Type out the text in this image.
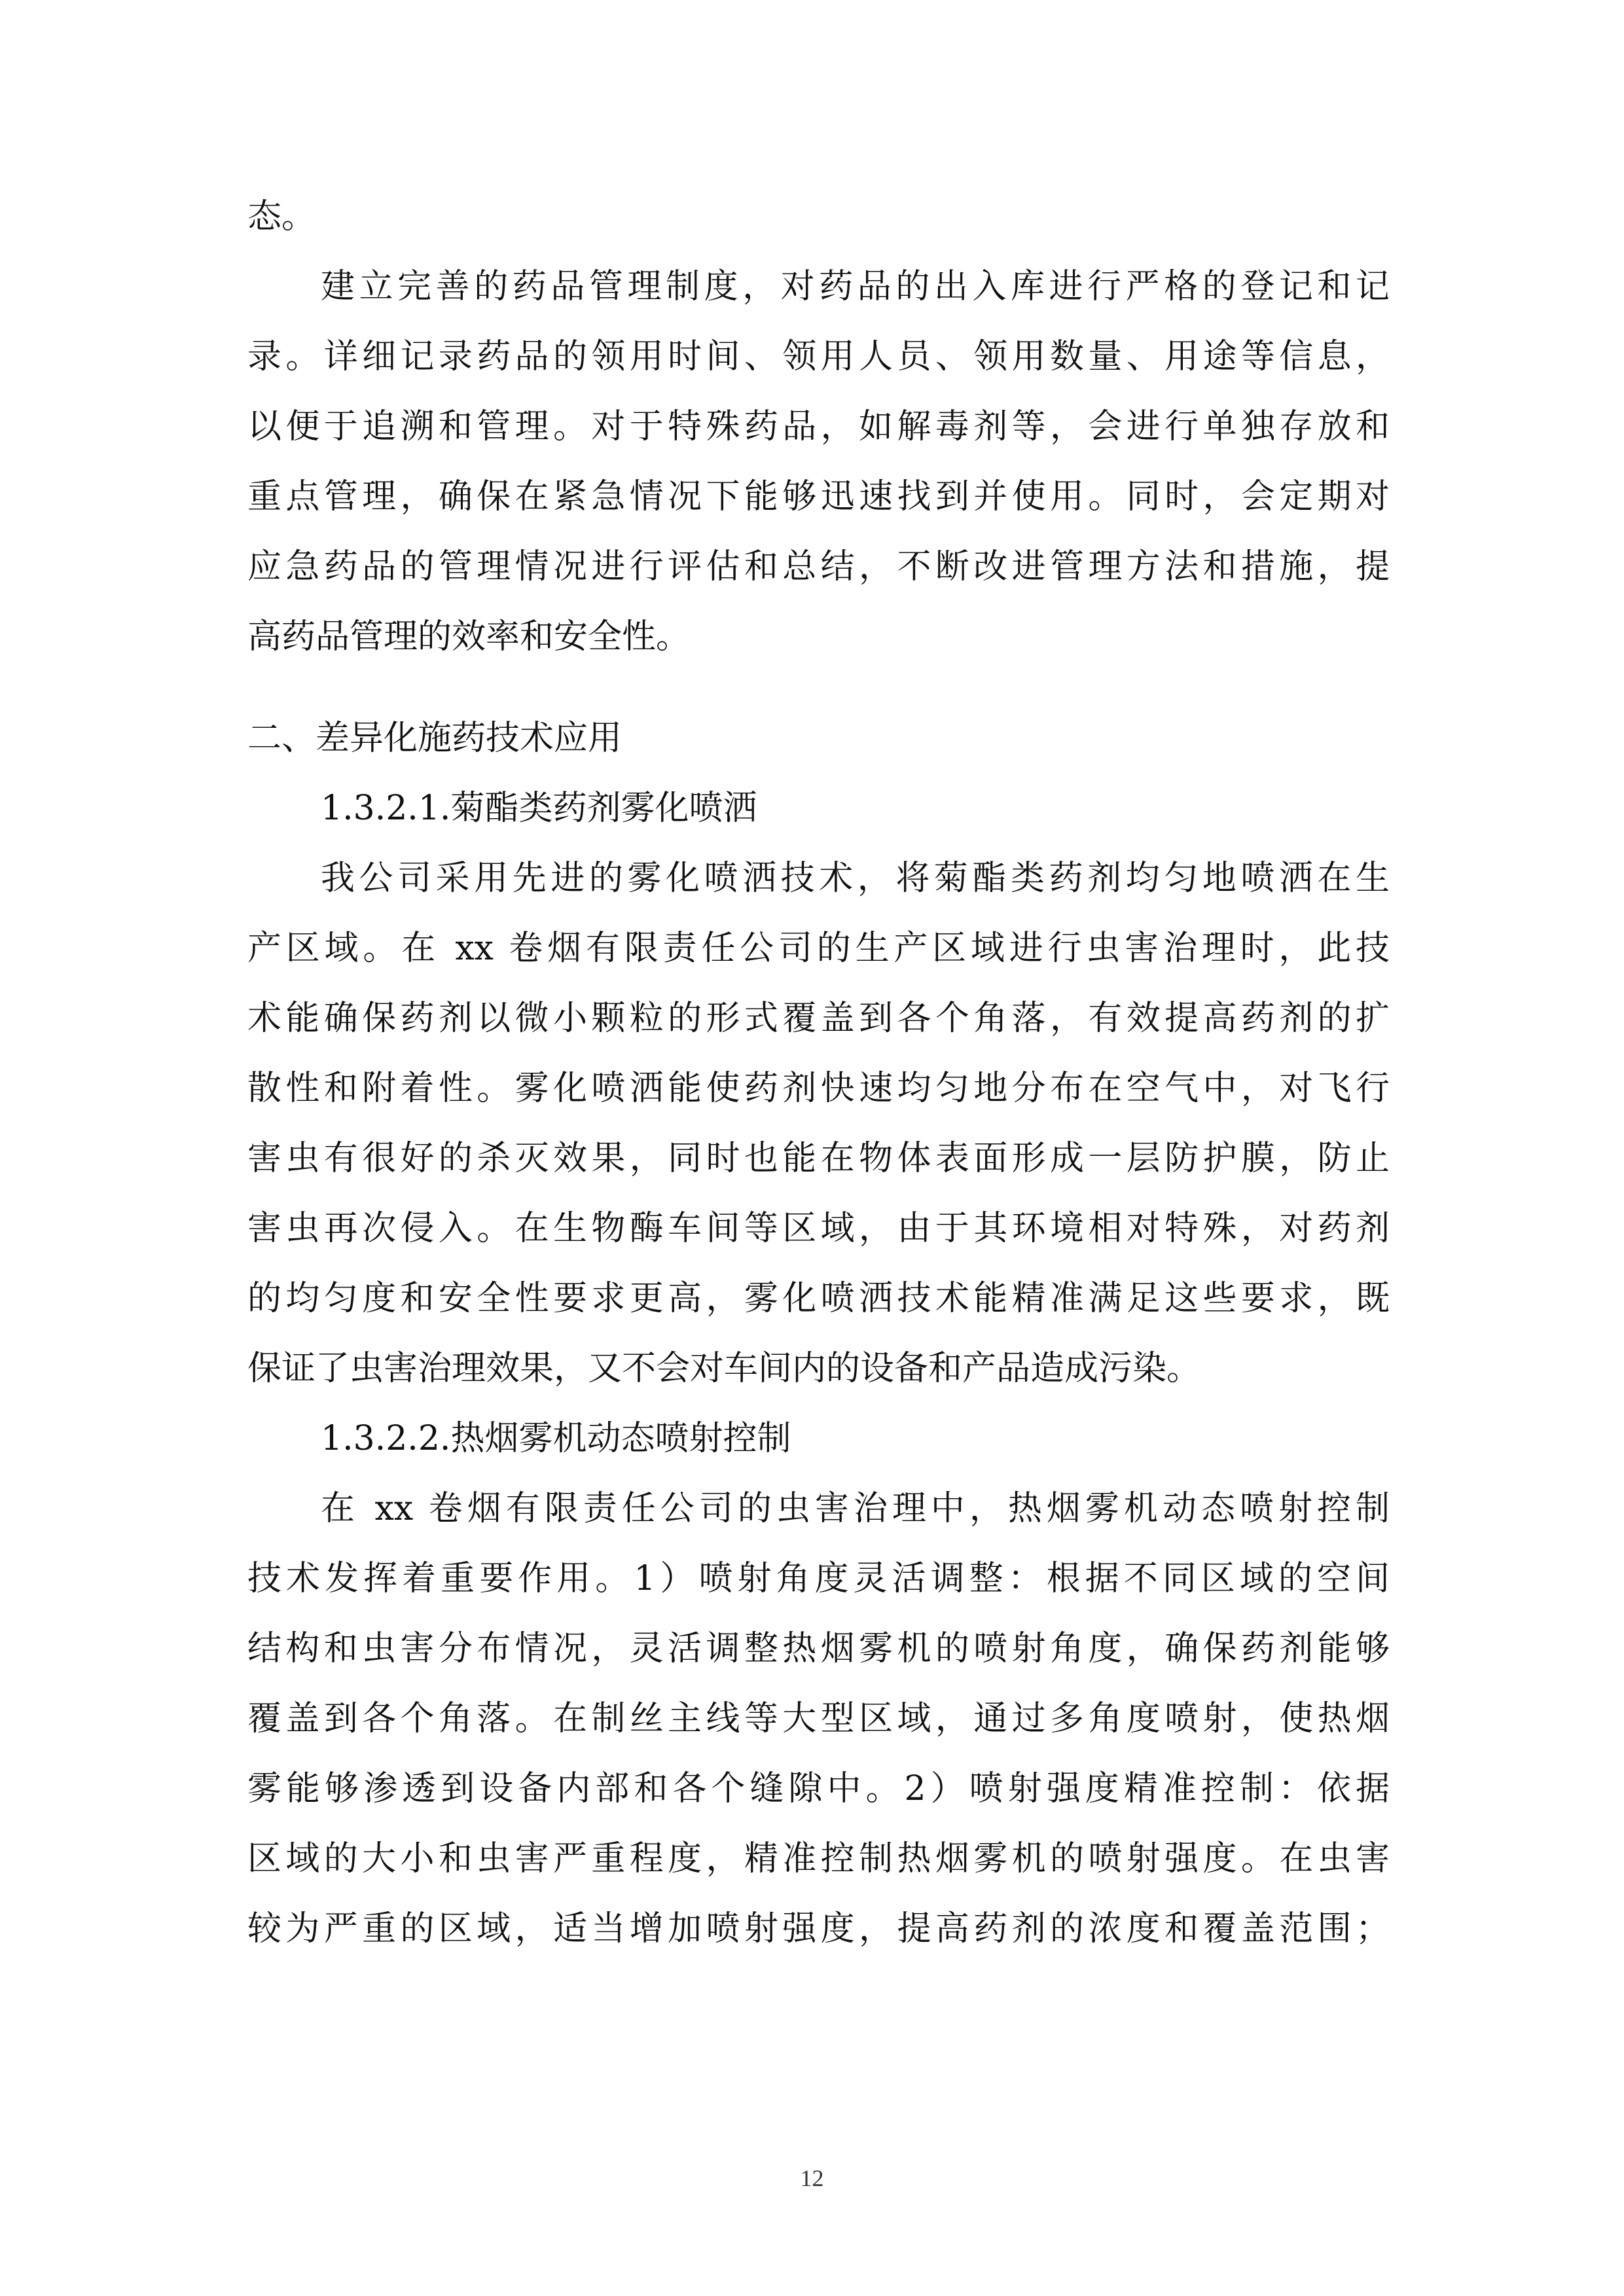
态。
建立完善的药品管理制度，对药品的出入库进行严格的登记和记
录。详细记录药品的领用时间、领用人员、领用数量、用途等信息，
以便于追溯和管理。对于特殊药品，如解毒剂等，会进行单独存放和
重点管理，确保在紧急情况下能够迅速找到并使用。同时，会定期对
应急药品的管理情况进行评估和总结，不断改进管理方法和措施，提
高药品管理的效率和安全性。
二、差异化施药技术应用
1.3.2.1.菊酯类药剂雾化喷洒
我公司采用先进的雾化喷洒技术，将菊酯类药剂均匀地喷洒在生
产区域。在 xx 卷烟有限责任公司的生产区域进行虫害治理时，此技
术能确保药剂以微小颗粒的形式覆盖到各个角落，有效提高药剂的扩
散性和附着性。雾化喷洒能使药剂快速均匀地分布在空气中，对飞行
害虫有很好的杀灭效果，同时也能在物体表面形成一层防护膜，防止
害虫再次侵入。在生物酶车间等区域，由于其环境相对特殊，对药剂
的均匀度和安全性要求更高，雾化喷洒技术能精准满足这些要求，既
保证了虫害治理效果，又不会对车间内的设备和产品造成污染。
1.3.2.2.热烟雾机动态喷射控制
在 xx 卷烟有限责任公司的虫害治理中，热烟雾机动态喷射控制
技术发挥着重要作用。1）喷射角度灵活调整：根据不同区域的空间
结构和虫害分布情况，灵活调整热烟雾机的喷射角度，确保药剂能够
覆盖到各个角落。在制丝主线等大型区域，通过多角度喷射，使热烟
雾能够渗透到设备内部和各个缝隙中。2）喷射强度精准控制：依据
区域的大小和虫害严重程度，精准控制热烟雾机的喷射强度。在虫害
较为严重的区域，适当增加喷射强度，提高药剂的浓度和覆盖范围；
12
